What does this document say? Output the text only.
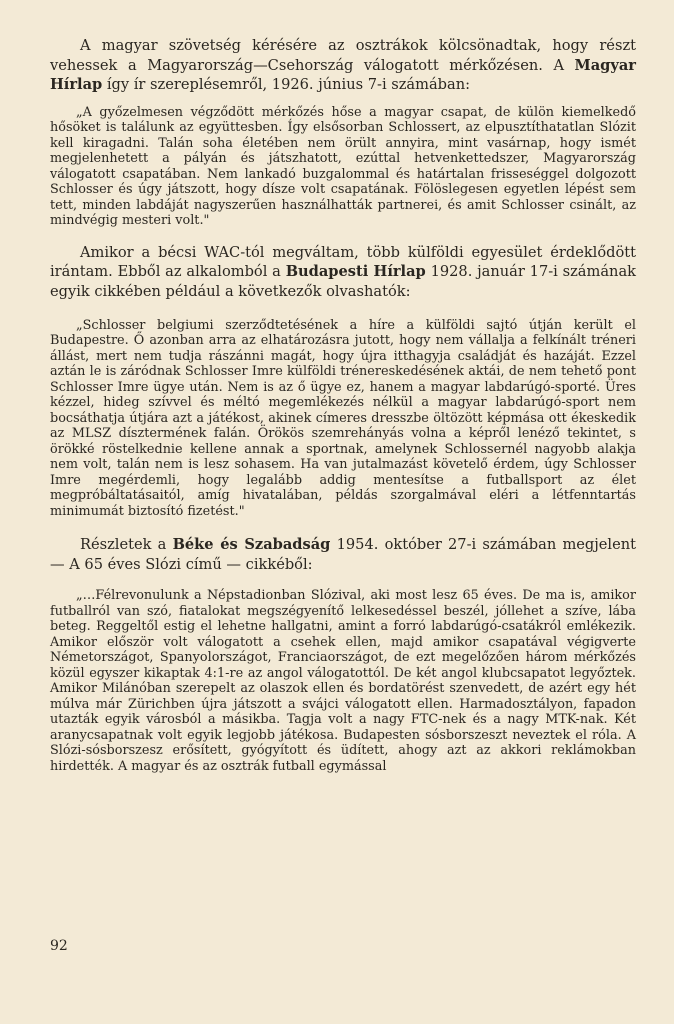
A magyar szövetség kérésére az osztrákok kölcsönadtak, hogy részt vehessek a Magyarország—Csehország válogatott mérkőzésen. A Magyar Hírlap így ír szereplésemről, 1926. június 7-i számában:

„A győzelmesen végződött mérkőzés hőse a magyar csapat, de külön kiemelkedő hősöket is találunk az együttesben. Így elsősorban Schlossert, az elpusztíthatatlan Slózit kell kiragadni. Talán soha életében nem örült annyira, mint vasárnap, hogy ismét megjelenhetett a pályán és játszhatott, ezúttal hetvenkettedszer, Magyarország válogatott csapatában. Nem lankadó buzgalommal és határtalan frisseséggel dolgozott Schlosser és úgy játszott, hogy dísze volt csapatának. Fölöslegesen egyetlen lépést sem tett, minden labdáját nagyszerűen használhatták partnerei, és amit Schlosser csinált, az mindvégig mesteri volt."

Amikor a bécsi WAC-tól megváltam, több külföldi egyesület érdeklődött irántam. Ebből az alkalomból a Budapesti Hírlap 1928. január 17-i számának egyik cikkében például a következők olvashatók:

„Schlosser belgiumi szerződtetésének a híre a külföldi sajtó útján került el Budapestre. Ő azonban arra az elhatározásra jutott, hogy nem vállalja a felkínált tréneri állást, mert nem tudja rászánni magát, hogy újra itthagyja családját és hazáját. Ezzel aztán le is záródnak Schlosser Imre külföldi trénereskedésének aktái, de nem tehető pont Schlosser Imre ügye után. Nem is az ő ügye ez, hanem a magyar labdarúgó-sporté. Üres kézzel, hideg szívvel és méltó megemlékezés nélkül a magyar labdarúgó-sport nem bocsáthatja útjára azt a játékost, akinek címeres dresszbe öltözött képmása ott ékeskedik az MLSZ dísztermének falán. Örökös szemrehányás volna a képről lenéző tekintet, s örökké röstelkednie kellene annak a sportnak, amelynek Schlossernél nagyobb alakja nem volt, talán nem is lesz sohasem. Ha van jutalmazást követelő érdem, úgy Schlosser Imre megérdemli, hogy legalább addig mentesítse a futballsport az élet megpróbáltatásaitól, amíg hivatalában, példás szorgalmával eléri a létfenntartás minimumát biztosító fizetést."

Részletek a Béke és Szabadság 1954. október 27-i számában megjelent — A 65 éves Slózi című — cikkéből:

„…Félrevonulunk a Népstadionban Slózival, aki most lesz 65 éves. De ma is, amikor futballról van szó, fiatalokat megszégyenítő lelkesedéssel beszél, jóllehet a szíve, lába beteg. Reggeltől estig el lehetne hallgatni, amint a forró labdarúgó-csatákról emlékezik. Amikor először volt válogatott a csehek ellen, majd amikor csapatával végigverte Németországot, Spanyolországot, Franciaországot, de ezt megelőzően három mérkőzés közül egyszer kikaptak 4:1-re az angol válogatottól. De két angol klubcsapatot legyőztek. Amikor Milánóban szerepelt az olaszok ellen és bordatörést szenvedett, de azért egy hét múlva már Zürichben újra játszott a svájci válogatott ellen. Harmadosztályon, fapadon utazták egyik városból a másikba. Tagja volt a nagy FTC-nek és a nagy MTK-nak. Két aranycsapatnak volt egyik legjobb játékosa. Budapesten sósborszeszt neveztek el róla. A Slózi-sósborszesz erősített, gyógyított és üdített, ahogy azt az akkori reklámokban hirdették. A magyar és az osztrák futball egymással

92
